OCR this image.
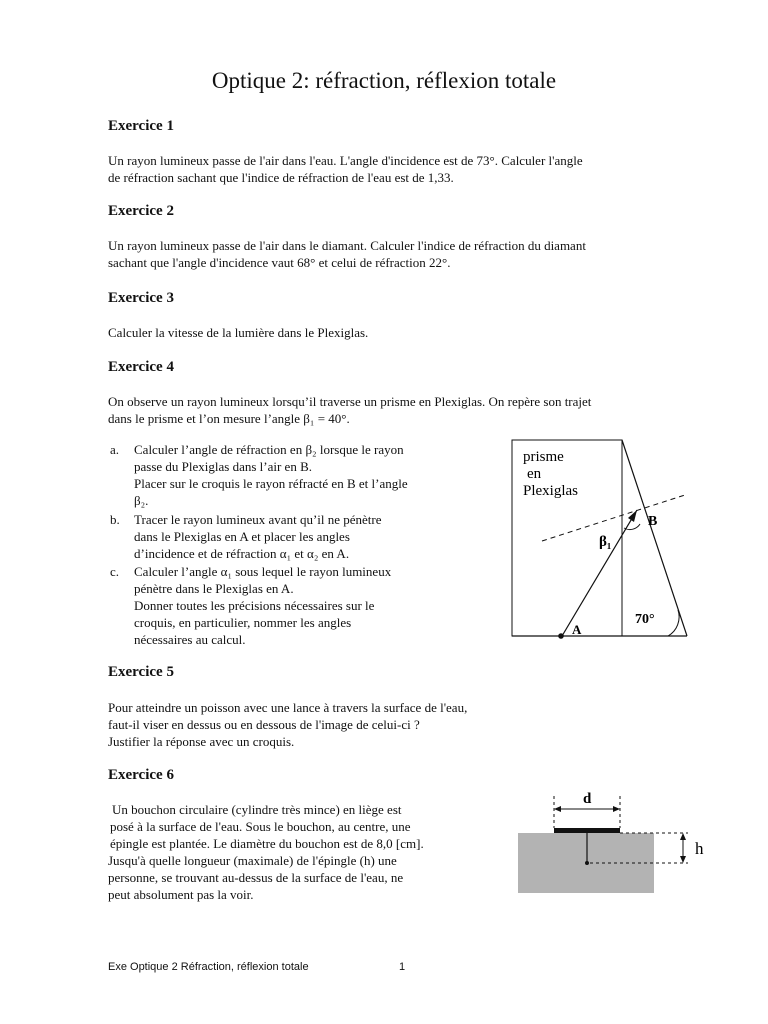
Optique 2: réfraction, réflexion totale
Exercice 1
Un rayon lumineux passe de l'air dans l'eau. L'angle d'incidence est de 73°. Calculer l'angle
de réfraction sachant que l'indice de réfraction de l'eau est de 1,33.
Exercice 2
Un rayon lumineux passe de l'air dans le diamant. Calculer l'indice de réfraction du diamant
sachant que l'angle d'incidence vaut 68° et celui de réfraction 22°.
Exercice 3
Calculer la vitesse de la lumière dans le Plexiglas.
Exercice 4
On observe un rayon lumineux lorsqu’il traverse un prisme en Plexiglas. On repère son trajet
dans le prisme et l’on mesure l’angle β₁ = 40°.
a. Calculer l’angle de réfraction en β₂ lorsque le rayon
passe du Plexiglas dans l’air en B.
Placer sur le croquis le rayon réfracté en B et l’angle
β₂.
b. Tracer le rayon lumineux avant qu’il ne pénètre
dans le Plexiglas en A et placer les angles
d’incidence et de réfraction α₁ et α₂ en A.
c. Calculer l’angle α₁ sous lequel le rayon lumineux
pénètre dans le Plexiglas en A.
Donner toutes les précisions nécessaires sur le
croquis, en particulier, nommer les angles
nécessaires au calcul.
prisme
en
Plexiglas
B
β₁
70°
A
Exercice 5
Pour atteindre un poisson avec une lance à travers la surface de l'eau,
faut-il viser en dessus ou en dessous de l'image de celui-ci ?
Justifier la réponse avec un croquis.
Exercice 6
Un bouchon circulaire (cylindre très mince) en liège est
posé à la surface de l'eau. Sous le bouchon, au centre, une
épingle est plantée. Le diamètre du bouchon est de 8,0 [cm].
Jusqu'à quelle longueur (maximale) de l'épingle (h) une
personne, se trouvant au-dessus de la surface de l'eau, ne
peut absolument pas la voir.
d
h
Exe Optique 2 Réfraction, réflexion totale	1
